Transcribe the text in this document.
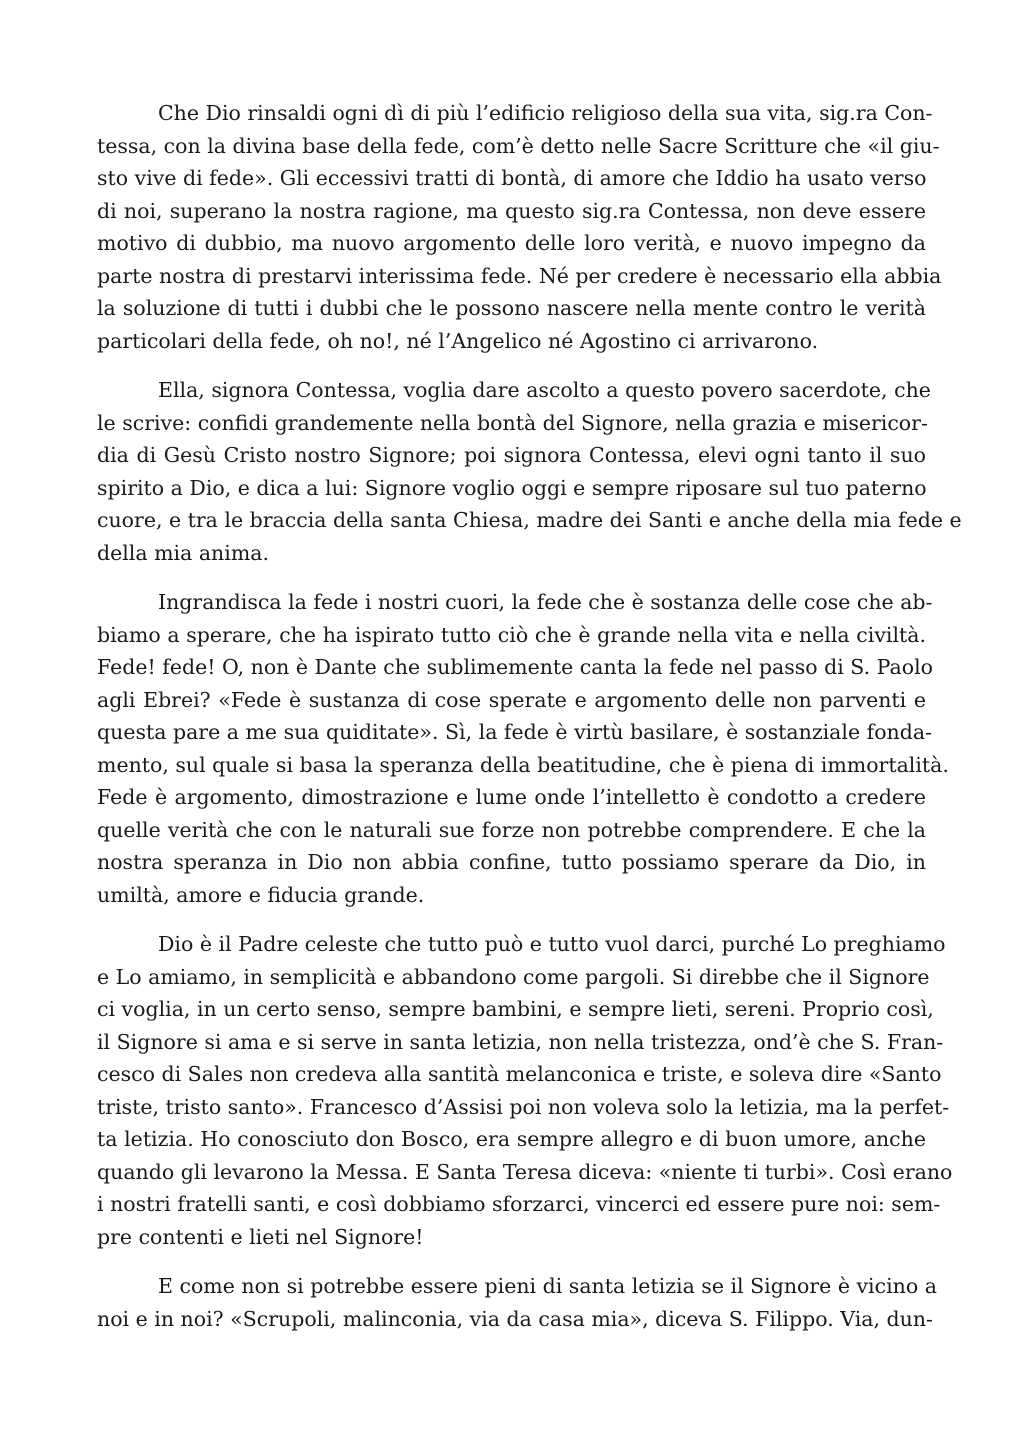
Che Dio rinsaldi ogni dì di più l’edificio religioso della sua vita, sig.ra Con-
tessa, con la divina base della fede, com’è detto nelle Sacre Scritture che «il giu-
sto vive di fede». Gli eccessivi tratti di bontà, di amore che Iddio ha usato verso
di noi, superano la nostra ragione, ma questo sig.ra Contessa, non deve essere
motivo di dubbio, ma nuovo argomento delle loro verità, e nuovo impegno da
parte nostra di prestarvi interissima fede. Né per credere è necessario ella abbia
la soluzione di tutti i dubbi che le possono nascere nella mente contro le verità
particolari della fede, oh no!, né l’Angelico né Agostino ci arrivarono.
Ella, signora Contessa, voglia dare ascolto a questo povero sacerdote, che
le scrive: confidi grandemente nella bontà del Signore, nella grazia e misericor-
dia di Gesù Cristo nostro Signore; poi signora Contessa, elevi ogni tanto il suo
spirito a Dio, e dica a lui: Signore voglio oggi e sempre riposare sul tuo paterno
cuore, e tra le braccia della santa Chiesa, madre dei Santi e anche della mia fede e
della mia anima.
Ingrandisca la fede i nostri cuori, la fede che è sostanza delle cose che ab-
biamo a sperare, che ha ispirato tutto ciò che è grande nella vita e nella civiltà.
Fede! fede! O, non è Dante che sublimemente canta la fede nel passo di S. Paolo
agli Ebrei? «Fede è sustanza di cose sperate e argomento delle non parventi e
questa pare a me sua quiditate». Sì, la fede è virtù basilare, è sostanziale fonda-
mento, sul quale si basa la speranza della beatitudine, che è piena di immortalità.
Fede è argomento, dimostrazione e lume onde l’intelletto è condotto a credere
quelle verità che con le naturali sue forze non potrebbe comprendere. E che la
nostra speranza in Dio non abbia confine, tutto possiamo sperare da Dio, in
umiltà, amore e fiducia grande.
Dio è il Padre celeste che tutto può e tutto vuol darci, purché Lo preghiamo
e Lo amiamo, in semplicità e abbandono come pargoli. Si direbbe che il Signore
ci voglia, in un certo senso, sempre bambini, e sempre lieti, sereni. Proprio così,
il Signore si ama e si serve in santa letizia, non nella tristezza, ond’è che S. Fran-
cesco di Sales non credeva alla santità melanconica e triste, e soleva dire «Santo
triste, tristo santo». Francesco d’Assisi poi non voleva solo la letizia, ma la perfet-
ta letizia. Ho conosciuto don Bosco, era sempre allegro e di buon umore, anche
quando gli levarono la Messa. E Santa Teresa diceva: «niente ti turbi». Così erano
i nostri fratelli santi, e così dobbiamo sforzarci, vincerci ed essere pure noi: sem-
pre contenti e lieti nel Signore!
E come non si potrebbe essere pieni di santa letizia se il Signore è vicino a
noi e in noi? «Scrupoli, malinconia, via da casa mia», diceva S. Filippo. Via, dun-
